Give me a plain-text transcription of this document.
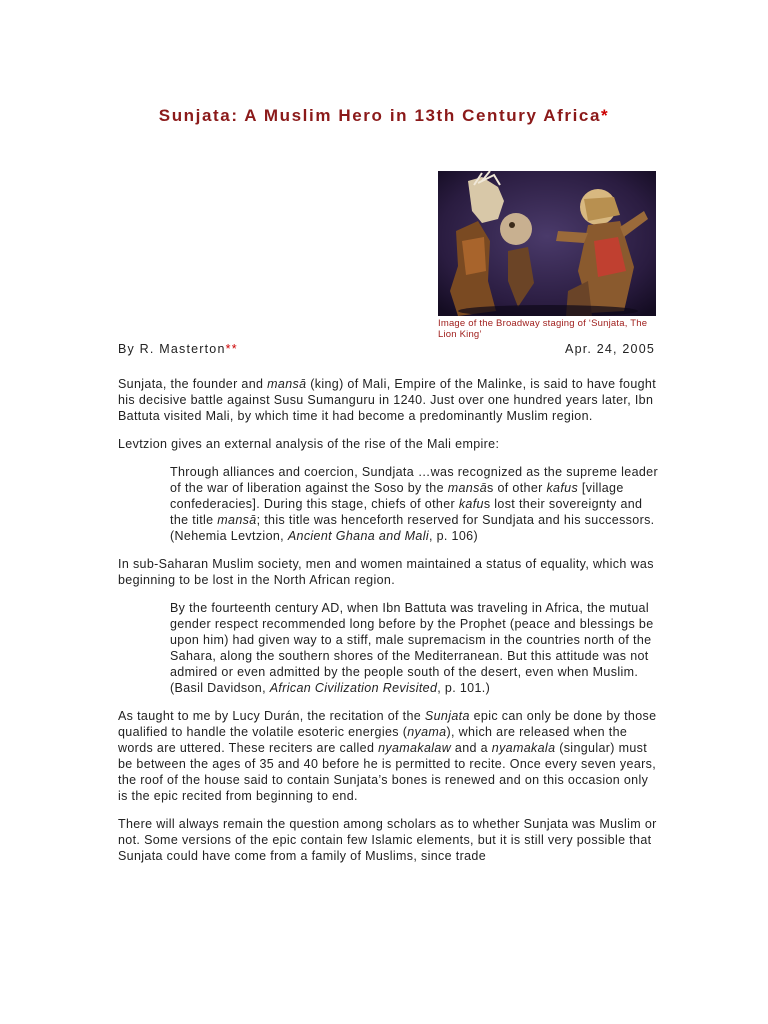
Sunjata: A Muslim Hero in 13th Century Africa*
Image of the Broadway staging of ‘Sunjata, The Lion King’
By R. Masterton**	Apr. 24, 2005

Sunjata, the founder and mansā (king) of Mali, Empire of the Malinke, is said to have fought his decisive battle against Susu Sumanguru in 1240. Just over one hundred years later, Ibn Battuta visited Mali, by which time it had become a predominantly Muslim region.

Levtzion gives an external analysis of the rise of the Mali empire:

Through alliances and coercion, Sundjata …was recognized as the supreme leader of the war of liberation against the Soso by the mansās of other kafus [village confederacies]. During this stage, chiefs of other kafus lost their sovereignty and the title mansā; this title was henceforth reserved for Sundjata and his successors. (Nehemia Levtzion, Ancient Ghana and Mali, p. 106)

In sub-Saharan Muslim society, men and women maintained a status of equality, which was beginning to be lost in the North African region.

By the fourteenth century AD, when Ibn Battuta was traveling in Africa, the mutual gender respect recommended long before by the Prophet (peace and blessings be upon him) had given way to a stiff, male supremacism in the countries north of the Sahara, along the southern shores of the Mediterranean. But this attitude was not admired or even admitted by the people south of the desert, even when Muslim. (Basil Davidson, African Civilization Revisited, p. 101.)

As taught to me by Lucy Durán, the recitation of the Sunjata epic can only be done by those qualified to handle the volatile esoteric energies (nyama), which are released when the words are uttered. These reciters are called nyamakalaw and a nyamakala (singular) must be between the ages of 35 and 40 before he is permitted to recite. Once every seven years, the roof of the house said to contain Sunjata’s bones is renewed and on this occasion only is the epic recited from beginning to end.

There will always remain the question among scholars as to whether Sunjata was Muslim or not. Some versions of the epic contain few Islamic elements, but it is still very possible that Sunjata could have come from a family of Muslims, since trade
